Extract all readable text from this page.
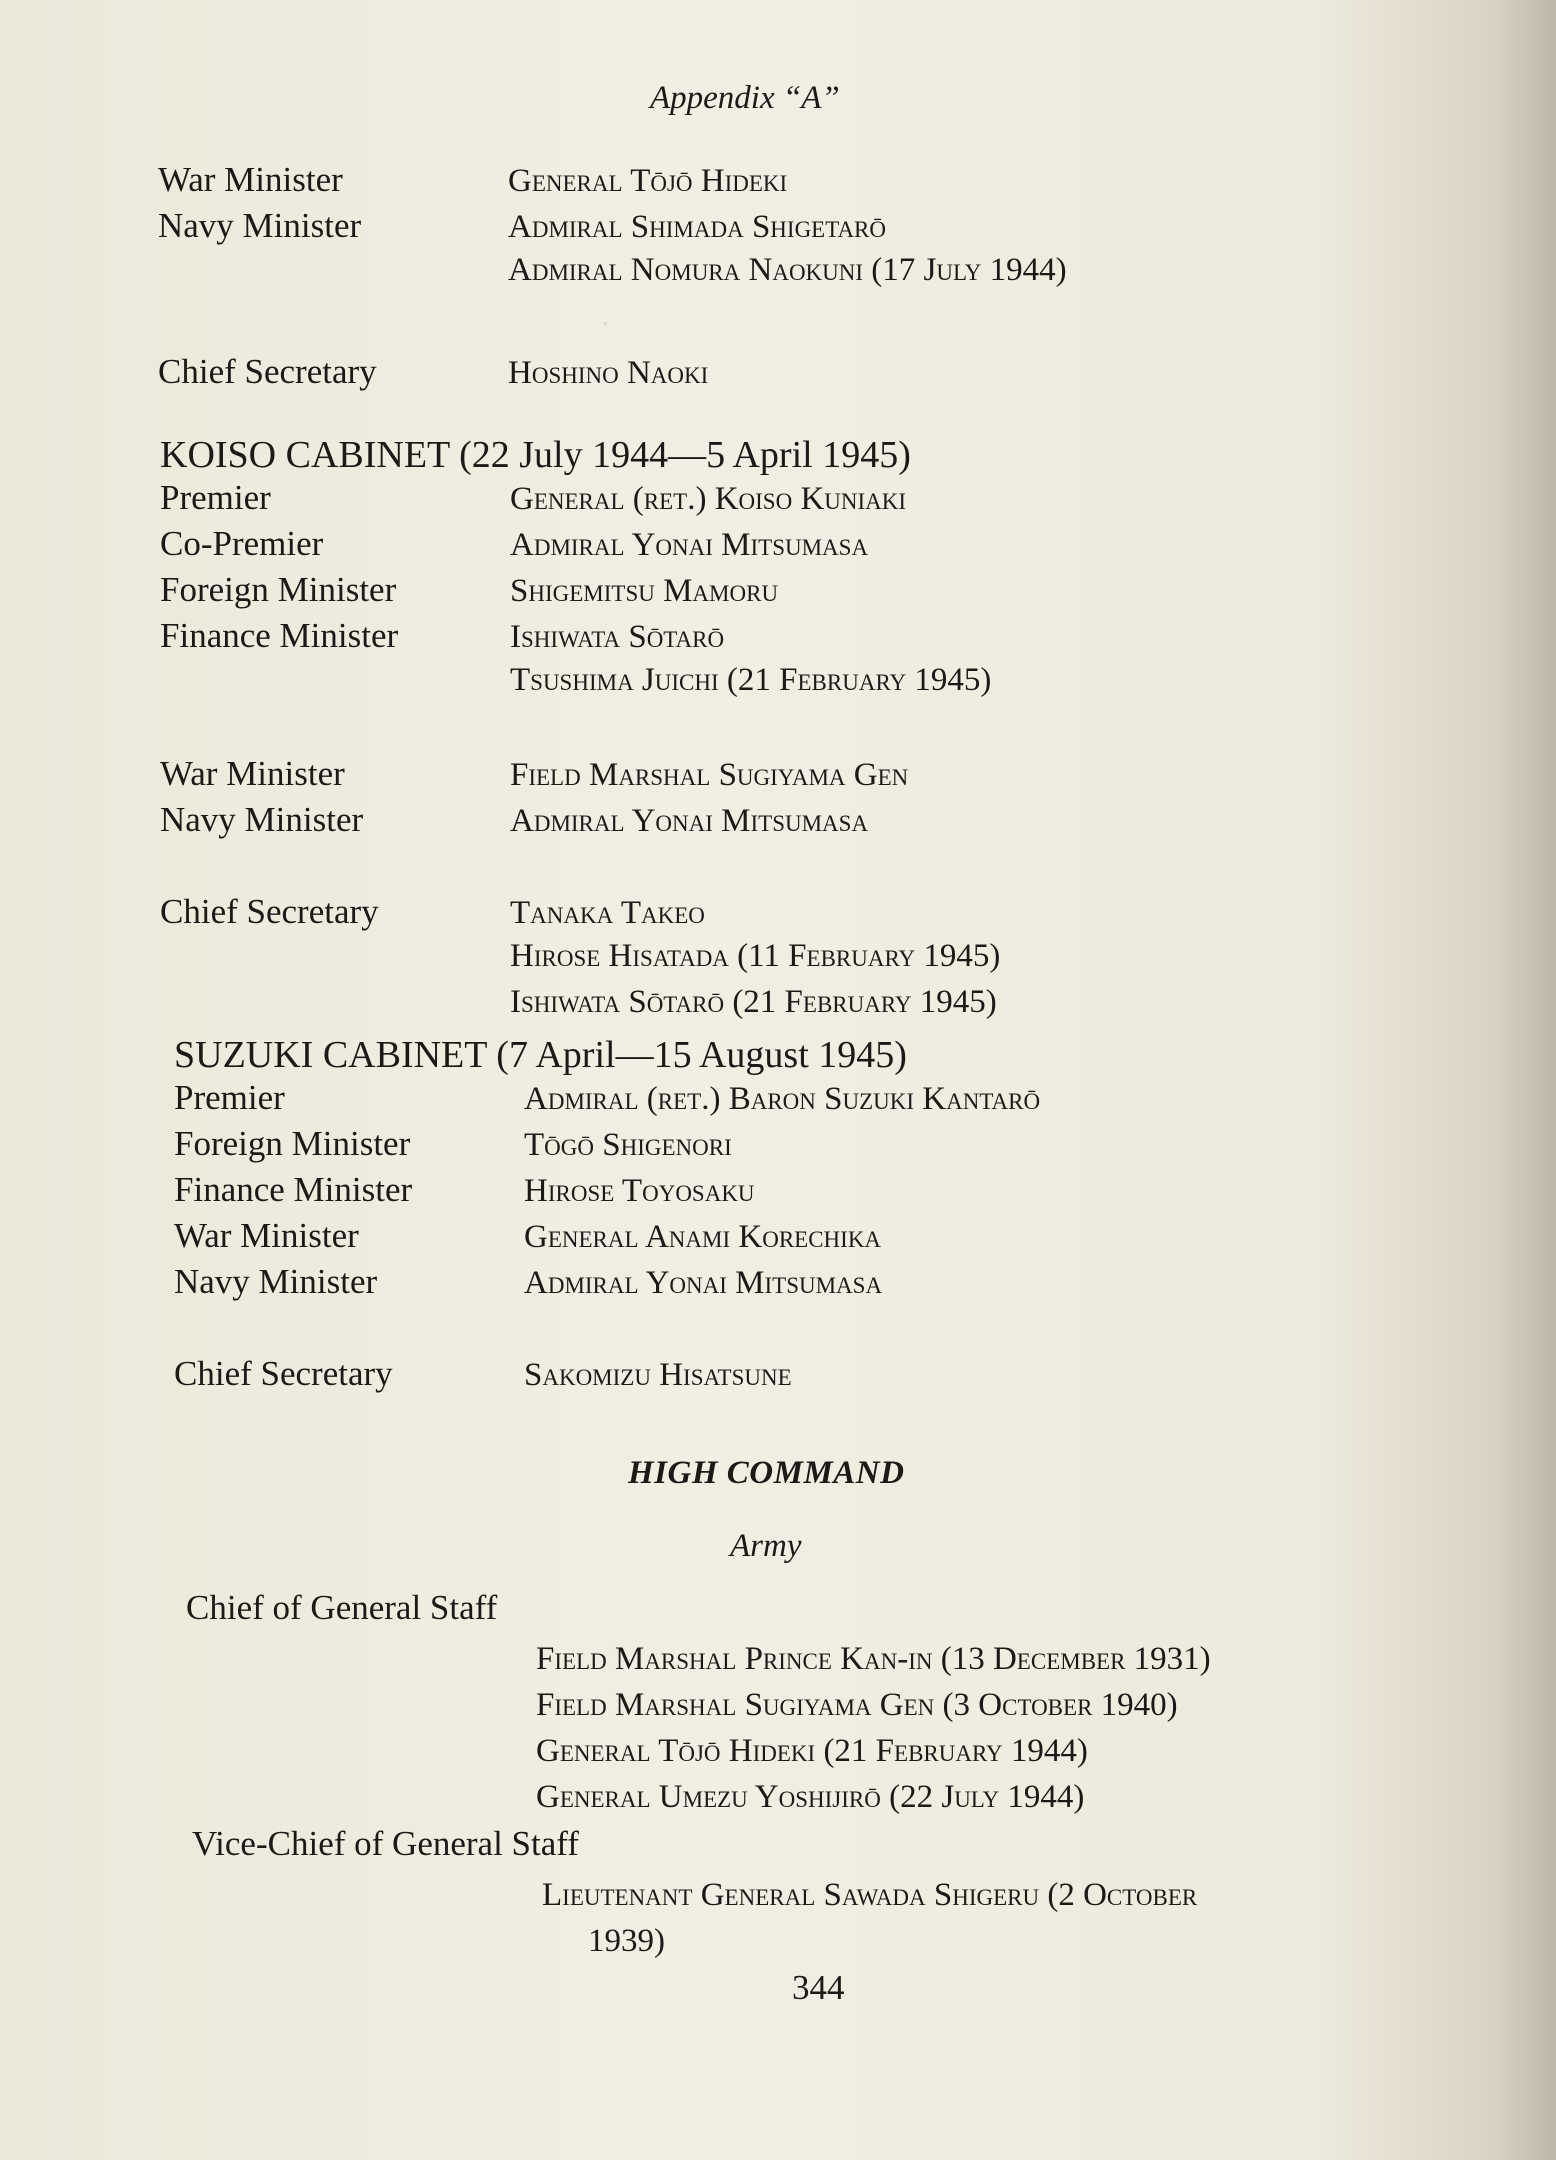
·
Appendix “A”
War Minister	General Tōjō Hideki
Navy Minister	Admiral Shimada Shigetarō
Admiral Nomura Naokuni (17 July 1944)
Chief Secretary	Hoshino Naoki
KOISO CABINET (22 July 1944—5 April 1945)
Premier	General (ret.) Koiso Kuniaki
Co-Premier	Admiral Yonai Mitsumasa
Foreign Minister	Shigemitsu Mamoru
Finance Minister	Ishiwata Sōtarō
Tsushima Juichi (21 February 1945)
War Minister	Field Marshal Sugiyama Gen
Navy Minister	Admiral Yonai Mitsumasa
Chief Secretary	Tanaka Takeo
Hirose Hisatada (11 February 1945)
Ishiwata Sōtarō (21 February 1945)
SUZUKI CABINET (7 April—15 August 1945)
Premier	Admiral (ret.) Baron Suzuki Kantarō
Foreign Minister	Tōgō Shigenori
Finance Minister	Hirose Toyosaku
War Minister	General Anami Korechika
Navy Minister	Admiral Yonai Mitsumasa
Chief Secretary	Sakomizu Hisatsune
HIGH COMMAND
Army
Chief of General Staff
Field Marshal Prince Kan-in (13 December 1931)
Field Marshal Sugiyama Gen (3 October 1940)
General Tōjō Hideki (21 February 1944)
General Umezu Yoshijirō (22 July 1944)
Vice-Chief of General Staff
Lieutenant General Sawada Shigeru (2 October
1939)
344
